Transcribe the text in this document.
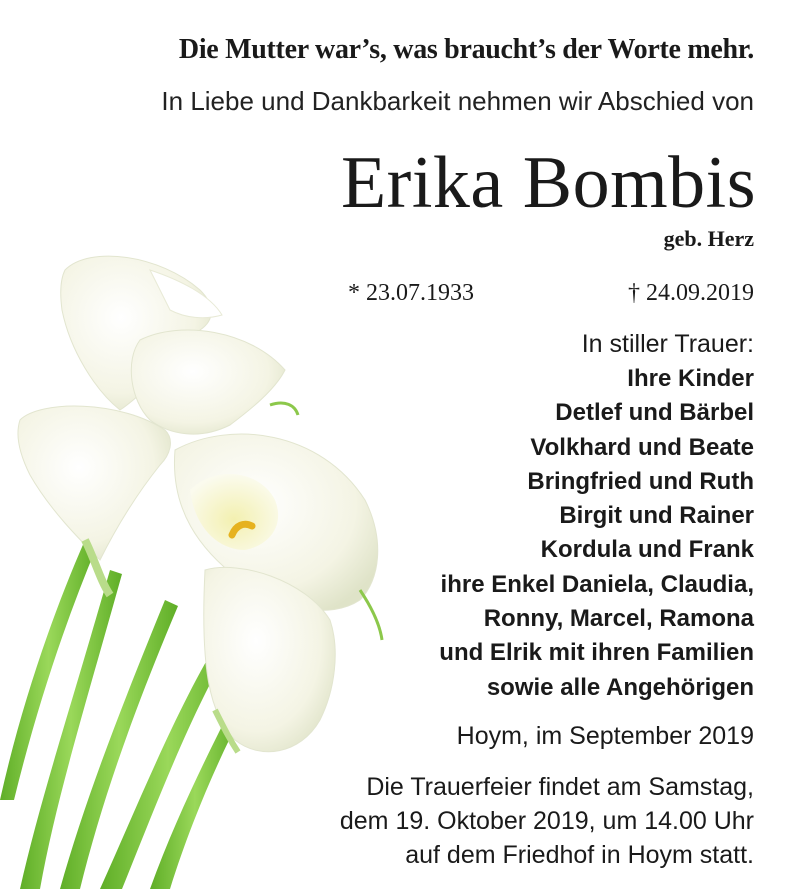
Die Mutter war’s, was braucht’s der Worte mehr.
In Liebe und Dankbarkeit nehmen wir Abschied von
Erika Bombis
geb. Herz
* 23.07.1933	† 24.09.2019
In stiller Trauer:
Ihre Kinder
Detlef und Bärbel
Volkhard und Beate
Bringfried und Ruth
Birgit und Rainer
Kordula und Frank
ihre Enkel Daniela, Claudia,
Ronny, Marcel, Ramona
und Elrik mit ihren Familien
sowie alle Angehörigen
Hoym, im September 2019
Die Trauerfeier findet am Samstag,
dem 19. Oktober 2019, um 14.00 Uhr
auf dem Friedhof in Hoym statt.
